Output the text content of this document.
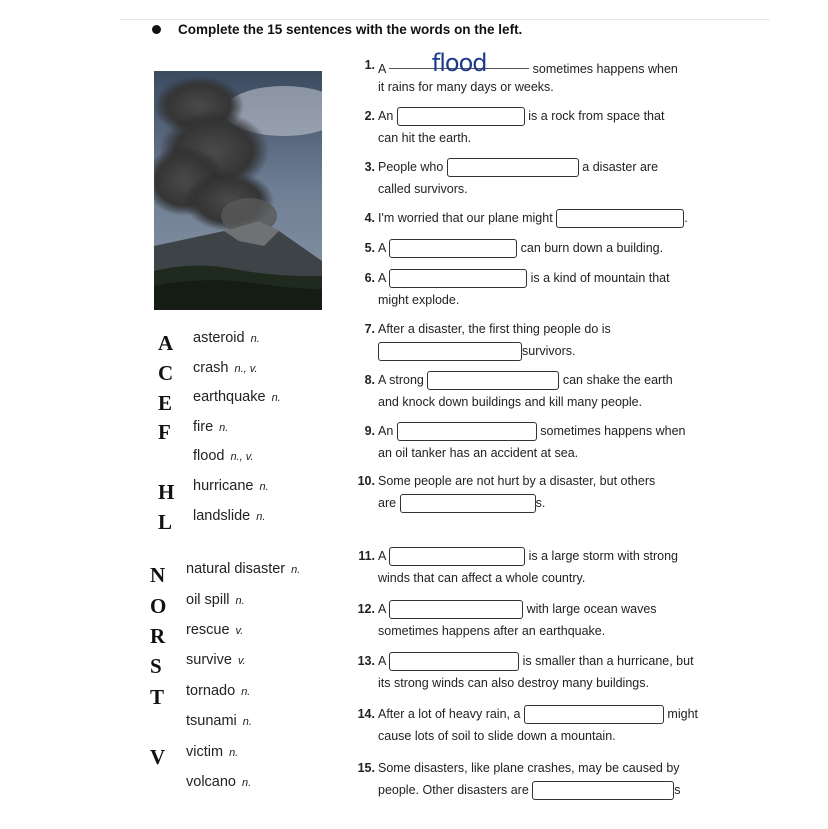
Complete the 15 sentences with the words on the left.
A
C
E
F
H
L
N
O
R
S
T
V
asteroid n.
crash n., v.
earthquake n.
fire n.
flood n., v.
hurricane n.
landslide n.
natural disaster n.
oil spill n.
rescue v.
survive v.
tornado n.
tsunami n.
victim n.
volcano n.
1. A flood	sometimes happens when
it rains for many days or weeks.
2. An	is a rock from space that
can hit the earth.
3. People who	a disaster are
called survivors.
4. I'm worried that our plane might	.
5. A	can burn down a building.
6. A	is a kind of mountain that
might explode.
7. After a disaster, the first thing people do is
survivors.
8. A strong	can shake the earth
and knock down buildings and kill many people.
9. An	sometimes happens when
an oil tanker has an accident at sea.
10. Some people are not hurt by a disaster, but others
are	s.
11. A	is a large storm with strong
winds that can affect a whole country.
12. A	with large ocean waves
sometimes happens after an earthquake.
13. A	is smaller than a hurricane, but
its strong winds can also destroy many buildings.
14. After a lot of heavy rain, a	might
cause lots of soil to slide down a mountain.
15. Some disasters, like plane crashes, may be caused by
people. Other disasters are	s
